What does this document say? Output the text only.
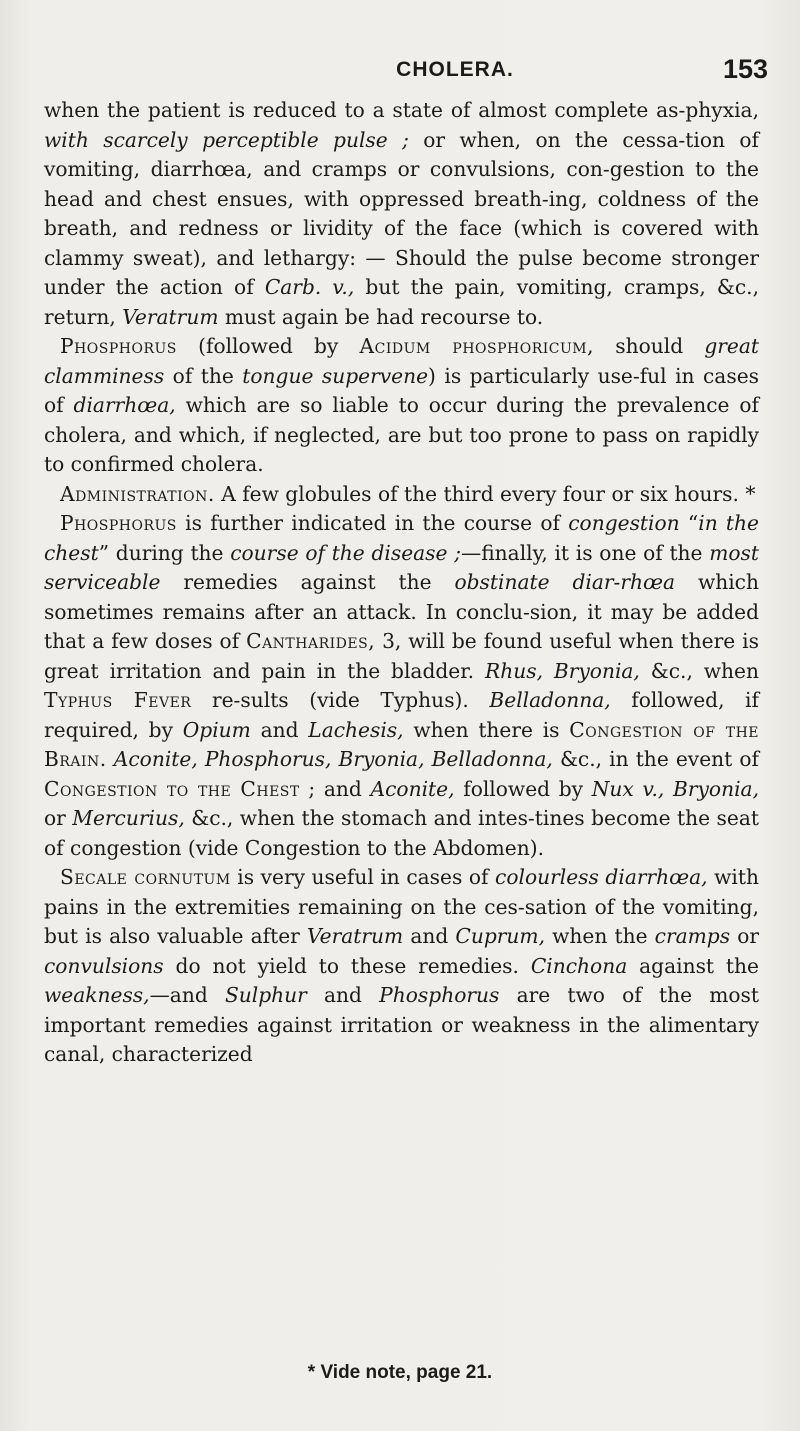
CHOLERA.	153

when the patient is reduced to a state of almost complete as-phyxia, with scarcely perceptible pulse ; or when, on the cessa-tion of vomiting, diarrhœa, and cramps or convulsions, con-gestion to the head and chest ensues, with oppressed breath-ing, coldness of the breath, and redness or lividity of the face (which is covered with clammy sweat), and lethargy: — Should the pulse become stronger under the action of Carb. v., but the pain, vomiting, cramps, &c., return, Veratrum must again be had recourse to.

Phosphorus (followed by Acidum phosphoricum, should great clamminess of the tongue supervene) is particularly use-ful in cases of diarrhœa, which are so liable to occur during the prevalence of cholera, and which, if neglected, are but too prone to pass on rapidly to confirmed cholera.

Administration. A few globules of the third every four or six hours. *

Phosphorus is further indicated in the course of congestion “in the chest” during the course of the disease ;—finally, it is one of the most serviceable remedies against the obstinate diar-rhœa which sometimes remains after an attack. In conclu-sion, it may be added that a few doses of Cantharides, 3, will be found useful when there is great irritation and pain in the bladder. Rhus, Bryonia, &c., when Typhus Fever re-sults (vide Typhus). Belladonna, followed, if required, by Opium and Lachesis, when there is Congestion of the Brain. Aconite, Phosphorus, Bryonia, Belladonna, &c., in the event of Congestion to the Chest ; and Aconite, followed by Nux v., Bryonia, or Mercurius, &c., when the stomach and intes-tines become the seat of congestion (vide Congestion to the Abdomen).

Secale cornutum is very useful in cases of colourless diarrhœa, with pains in the extremities remaining on the ces-sation of the vomiting, but is also valuable after Veratrum and Cuprum, when the cramps or convulsions do not yield to these remedies. Cinchona against the weakness,—and Sulphur and Phosphorus are two of the most important remedies against irritation or weakness in the alimentary canal, characterized

* Vide note, page 21.
